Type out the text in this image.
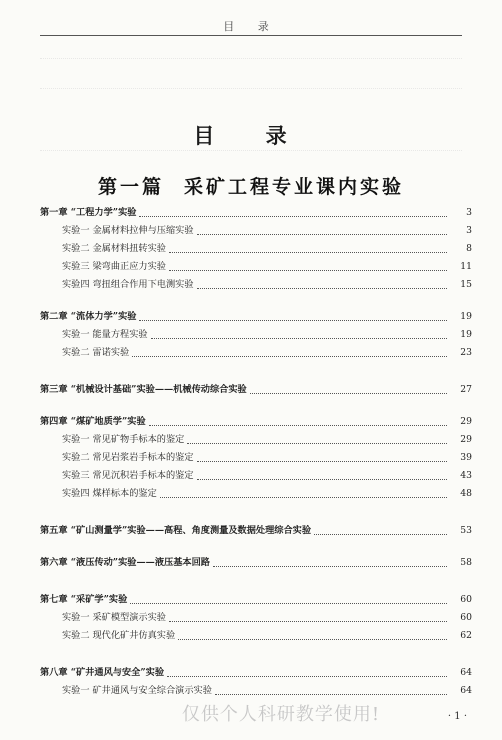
目 录
目 录
第一篇 采矿工程专业课内实验
第一章 “工程力学”实验	3
实验一 金属材料拉伸与压缩实验	3
实验二 金属材料扭转实验	8
实验三 梁弯曲正应力实验	11
实验四 弯扭组合作用下电测实验	15
第二章 “流体力学”实验	19
实验一 能量方程实验	19
实验二 雷诺实验	23
第三章 “机械设计基础”实验——机械传动综合实验	27
第四章 “煤矿地质学”实验	29
实验一 常见矿物手标本的鉴定	29
实验二 常见岩浆岩手标本的鉴定	39
实验三 常见沉积岩手标本的鉴定	43
实验四 煤样标本的鉴定	48
第五章 “矿山测量学”实验——高程、角度测量及数据处理综合实验	53
第六章 “液压传动”实验——液压基本回路	58
第七章 “采矿学”实验	60
实验一 采矿模型演示实验	60
实验二 现代化矿井仿真实验	62
第八章 “矿井通风与安全”实验	64
实验一 矿井通风与安全综合演示实验	64
仅供个人科研教学使用!	· 1 ·
